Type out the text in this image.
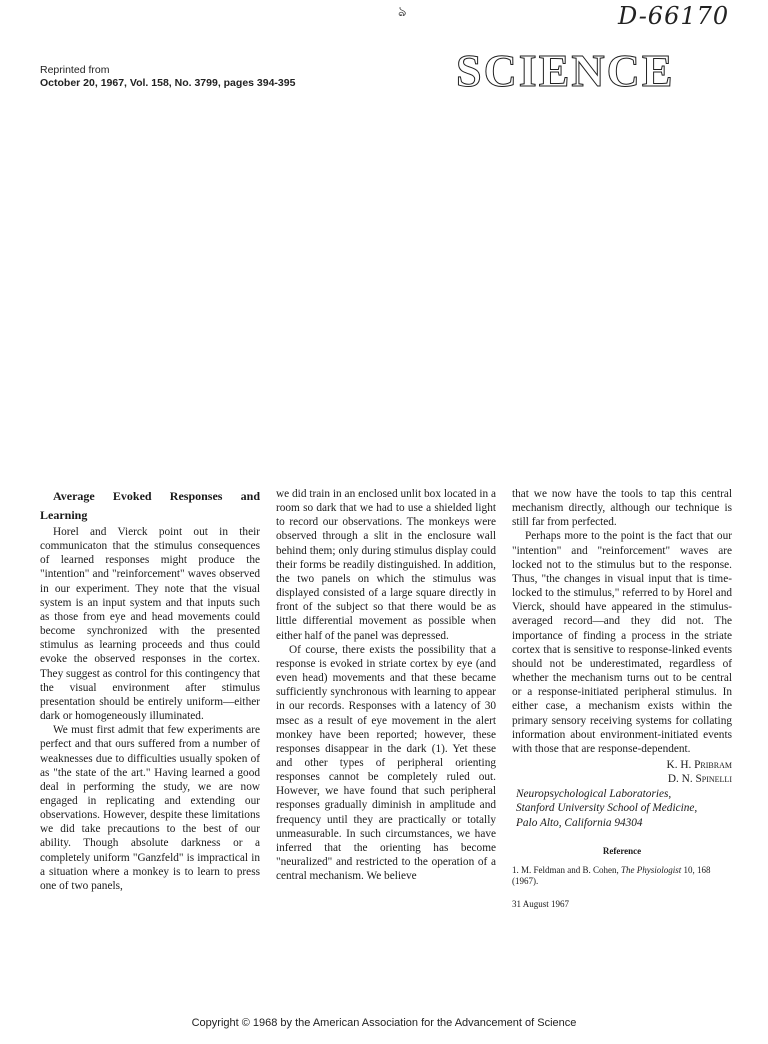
D-66170
ঌ
Reprinted from
October 20, 1967, Vol. 158, No. 3799, pages 394-395	SCIENCE

Average Evoked Responses and Learning

Horel and Vierck point out in their communicaton that the stimulus consequences of learned responses might produce the "intention" and "reinforcement" waves observed in our experiment. They note that the visual system is an input system and that inputs such as those from eye and head movements could become synchronized with the presented stimulus as learning proceeds and thus could evoke the observed responses in the cortex. They suggest as control for this contingency that the visual environment after stimulus presentation should be entirely uniform—either dark or homogeneously illuminated.

We must first admit that few experiments are perfect and that ours suffered from a number of weaknesses due to difficulties usually spoken of as "the state of the art." Having learned a good deal in performing the study, we are now engaged in replicating and extending our observations. However, despite these limitations we did take precautions to the best of our ability. Though absolute darkness or a completely uniform "Ganzfeld" is impractical in a situation where a monkey is to learn to press one of two panels,

we did train in an enclosed unlit box located in a room so dark that we had to use a shielded light to record our observations. The monkeys were observed through a slit in the enclosure wall behind them; only during stimulus display could their forms be readily distinguished. In addition, the two panels on which the stimulus was displayed consisted of a large square directly in front of the subject so that there would be as little differential movement as possible when either half of the panel was depressed.

Of course, there exists the possibility that a response is evoked in striate cortex by eye (and even head) movements and that these became sufficiently synchronous with learning to appear in our records. Responses with a latency of 30 msec as a result of eye movement in the alert monkey have been reported; however, these responses disappear in the dark (1). Yet these and other types of peripheral orienting responses cannot be completely ruled out. However, we have found that such peripheral responses gradually diminish in amplitude and frequency until they are practically or totally unmeasurable. In such circumstances, we have inferred that the orienting has become "neuralized" and restricted to the operation of a central mechanism. We believe

that we now have the tools to tap this central mechanism directly, although our technique is still far from perfected.

Perhaps more to the point is the fact that our "intention" and "reinforcement" waves are locked not to the stimulus but to the response. Thus, "the changes in visual input that is time-locked to the stimulus," referred to by Horel and Vierck, should have appeared in the stimulus-averaged record—and they did not. The importance of finding a process in the striate cortex that is sensitive to response-linked events should not be underestimated, regardless of whether the mechanism turns out to be central or a response-initiated peripheral stimulus. In either case, a mechanism exists within the primary sensory receiving systems for collating information about environment-initiated events with those that are response-dependent.

K. H. Pribram
D. N. Spinelli
Neuropsychological Laboratories,
Stanford University School of Medicine,
Palo Alto, California 94304
Reference
1. M. Feldman and B. Cohen, The Physiologist 10, 168 (1967).
31 August 1967
Copyright © 1968 by the American Association for the Advancement of Science
